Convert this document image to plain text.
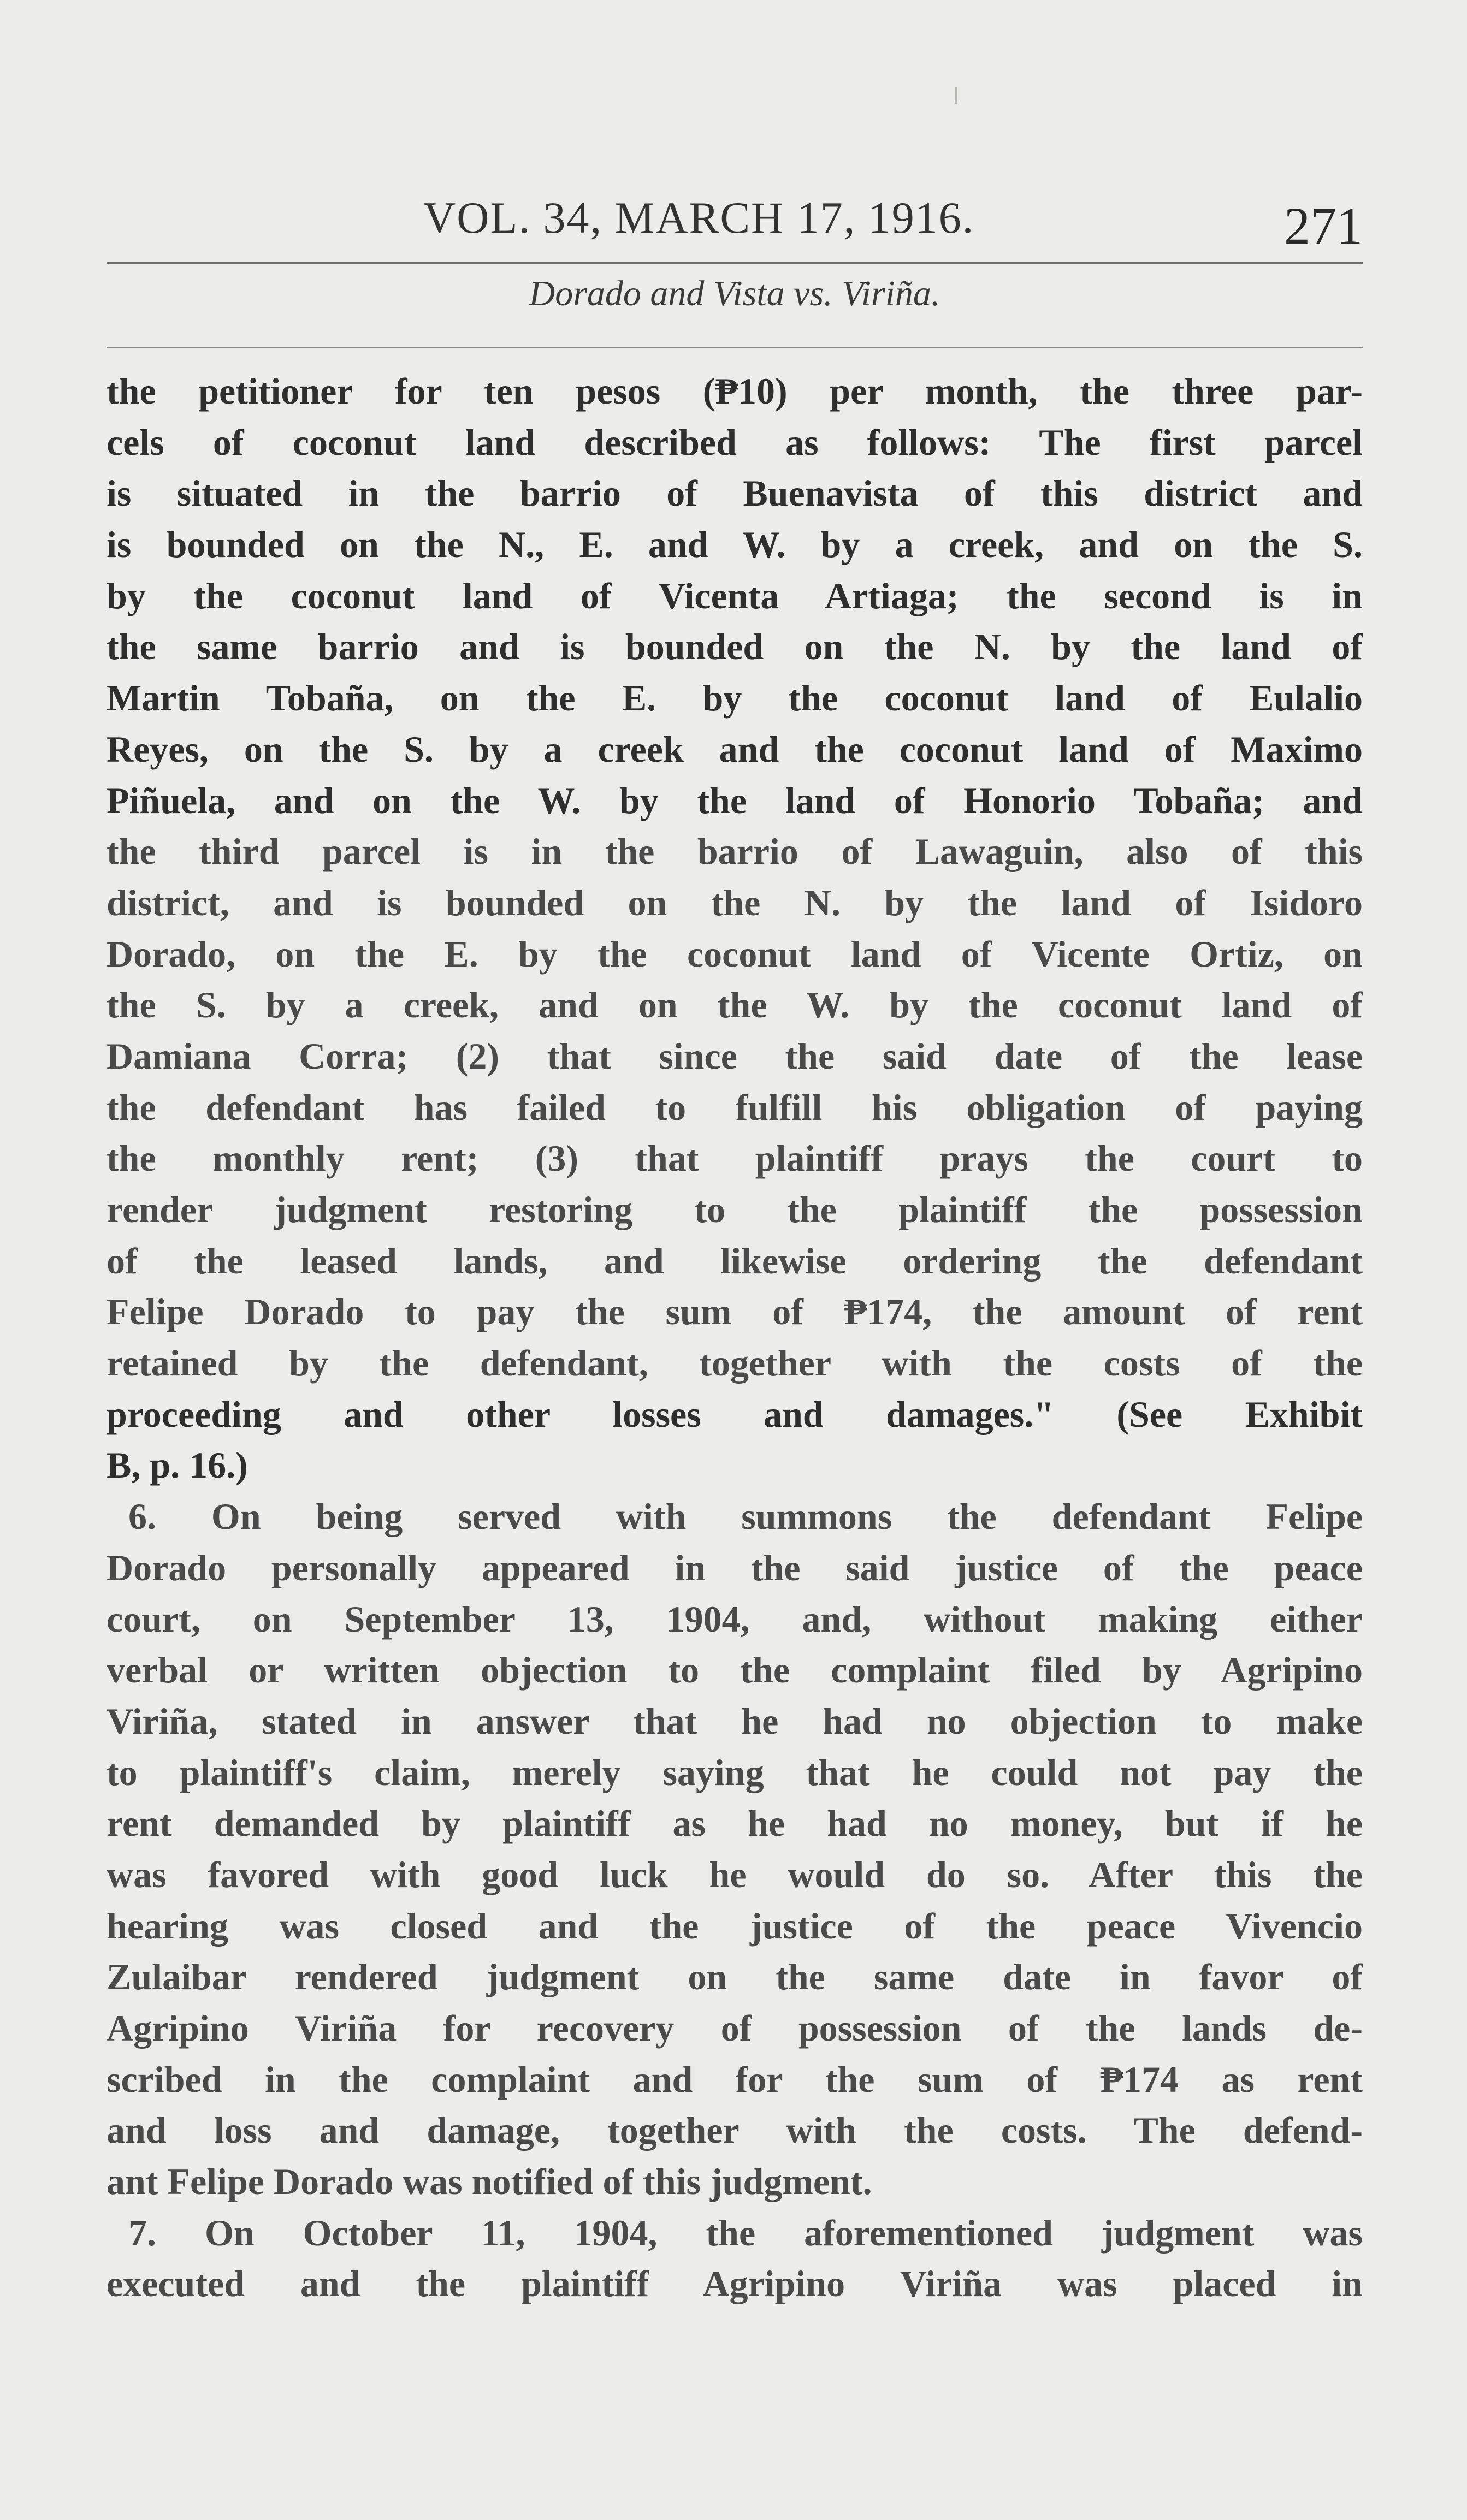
VOL. 34, MARCH 17, 1916.	271
Dorado and Vista vs. Viriña.
the petitioner for ten pesos (₱10) per month, the three par-
cels of coconut land described as follows: The first parcel
is situated in the barrio of Buenavista of this district and
is bounded on the N., E. and W. by a creek, and on the S.
by the coconut land of Vicenta Artiaga; the second is in
the same barrio and is bounded on the N. by the land of
Martin Tobaña, on the E. by the coconut land of Eulalio
Reyes, on the S. by a creek and the coconut land of Maximo
Piñuela, and on the W. by the land of Honorio Tobaña; and
the third parcel is in the barrio of Lawaguin, also of this
district, and is bounded on the N. by the land of Isidoro
Dorado, on the E. by the coconut land of Vicente Ortiz, on
the S. by a creek, and on the W. by the coconut land of
Damiana Corra; (2) that since the said date of the lease
the defendant has failed to fulfill his obligation of paying
the monthly rent; (3) that plaintiff prays the court to
render judgment restoring to the plaintiff the possession
of the leased lands, and likewise ordering the defendant
Felipe Dorado to pay the sum of ₱174, the amount of rent
retained by the defendant, together with the costs of the
proceeding and other losses and damages." (See Exhibit
B, p. 16.)
6. On being served with summons the defendant Felipe
Dorado personally appeared in the said justice of the peace
court, on September 13, 1904, and, without making either
verbal or written objection to the complaint filed by Agripino
Viriña, stated in answer that he had no objection to make
to plaintiff's claim, merely saying that he could not pay the
rent demanded by plaintiff as he had no money, but if he
was favored with good luck he would do so. After this the
hearing was closed and the justice of the peace Vivencio
Zulaibar rendered judgment on the same date in favor of
Agripino Viriña for recovery of possession of the lands de-
scribed in the complaint and for the sum of ₱174 as rent
and loss and damage, together with the costs. The defend-
ant Felipe Dorado was notified of this judgment.
7. On October 11, 1904, the aforementioned judgment was
executed and the plaintiff Agripino Viriña was placed in
